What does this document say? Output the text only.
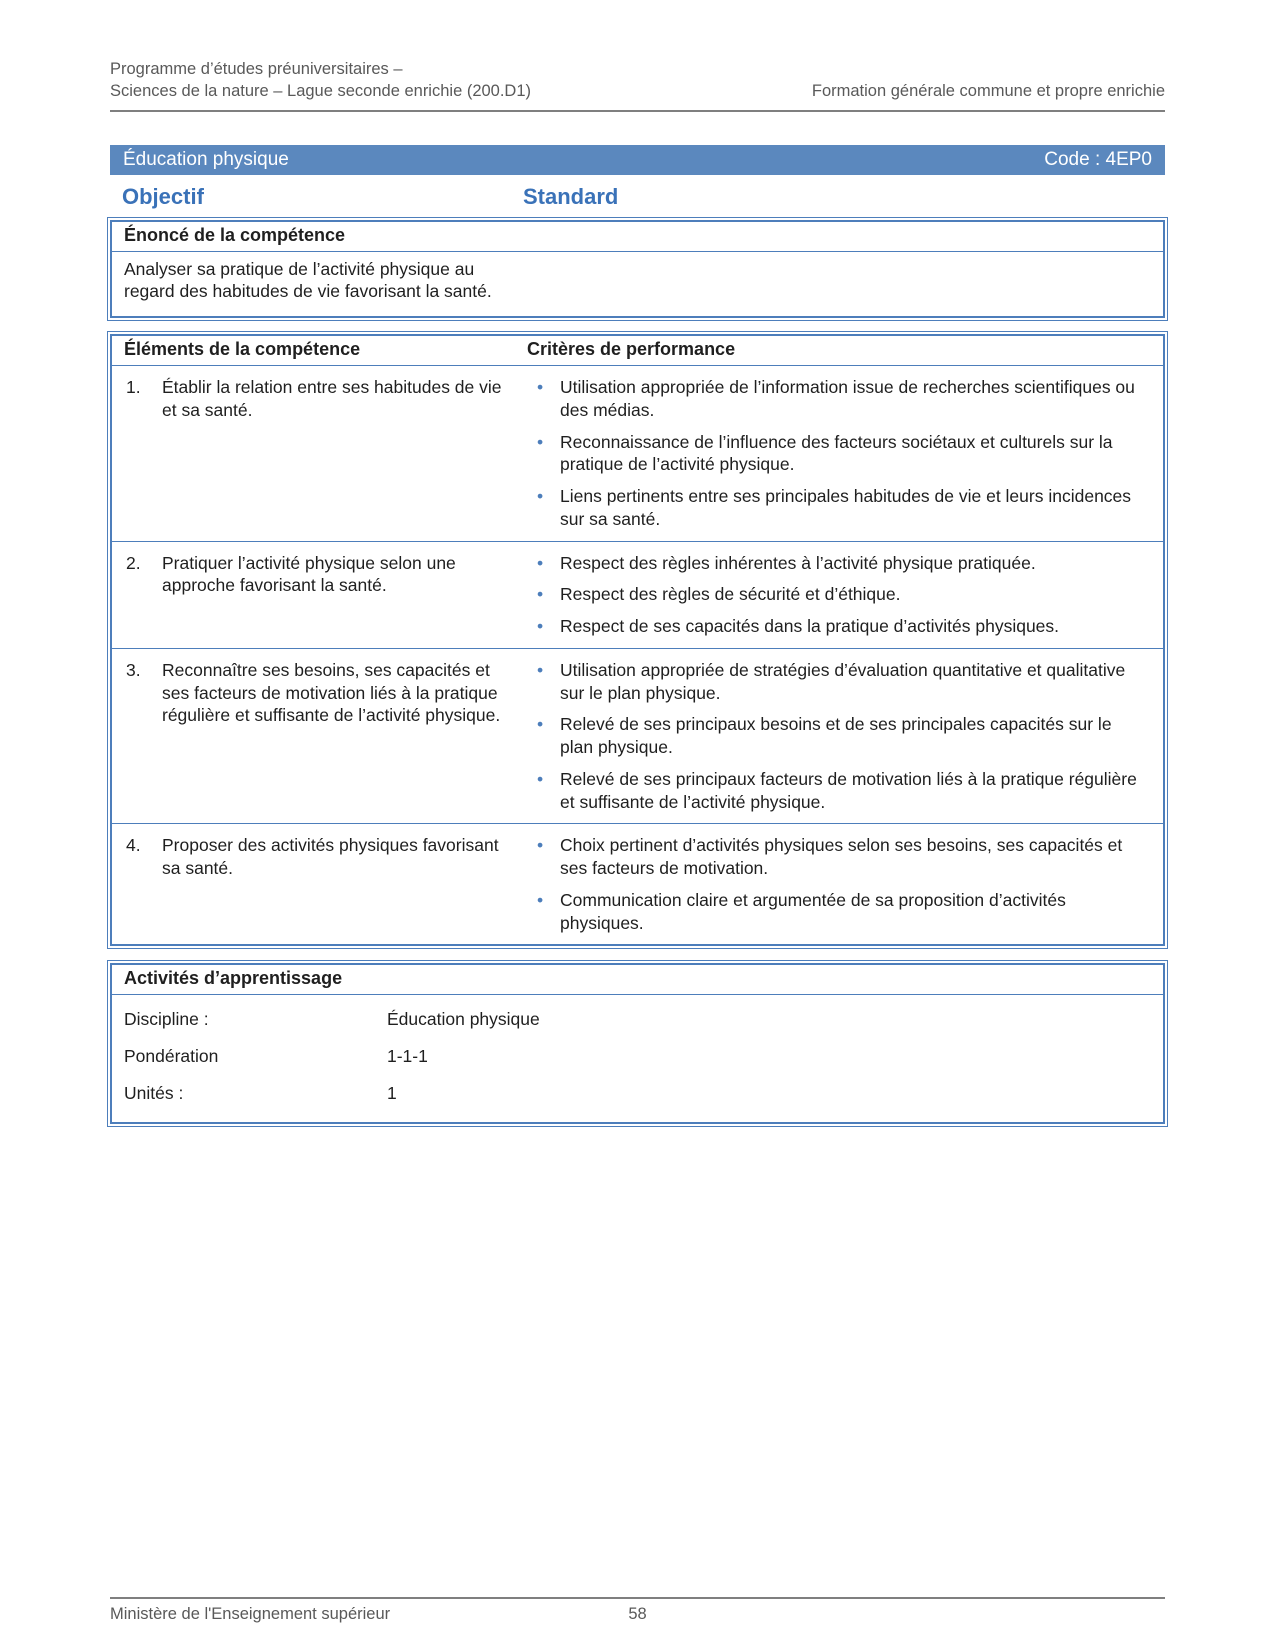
Programme d’études préuniversitaires –
Sciences de la nature – Lague seconde enrichie (200.D1)	Formation générale commune et propre enrichie
Éducation physique	Code : 4EP0
Objectif	Standard
Énoncé de la compétence
Analyser sa pratique de l’activité physique au regard des habitudes de vie favorisant la santé.
Éléments de la compétence	Critères de performance
1.	Établir la relation entre ses habitudes de vie et sa santé.
• Utilisation appropriée de l’information issue de recherches scientifiques ou des médias.
• Reconnaissance de l’influence des facteurs sociétaux et culturels sur la pratique de l’activité physique.
• Liens pertinents entre ses principales habitudes de vie et leurs incidences sur sa santé.
2.	Pratiquer l’activité physique selon une approche favorisant la santé.
• Respect des règles inhérentes à l’activité physique pratiquée.
• Respect des règles de sécurité et d’éthique.
• Respect de ses capacités dans la pratique d’activités physiques.
3.	Reconnaître ses besoins, ses capacités et ses facteurs de motivation liés à la pratique régulière et suffisante de l’activité physique.
• Utilisation appropriée de stratégies d’évaluation quantitative et qualitative sur le plan physique.
• Relevé de ses principaux besoins et de ses principales capacités sur le plan physique.
• Relevé de ses principaux facteurs de motivation liés à la pratique régulière et suffisante de l’activité physique.
4.	Proposer des activités physiques favorisant sa santé.
• Choix pertinent d’activités physiques selon ses besoins, ses capacités et ses facteurs de motivation.
• Communication claire et argumentée de sa proposition d’activités physiques.
Activités d’apprentissage
Discipline :	Éducation physique
Pondération	1-1-1
Unités :	1
Ministère de l'Enseignement supérieur	58
